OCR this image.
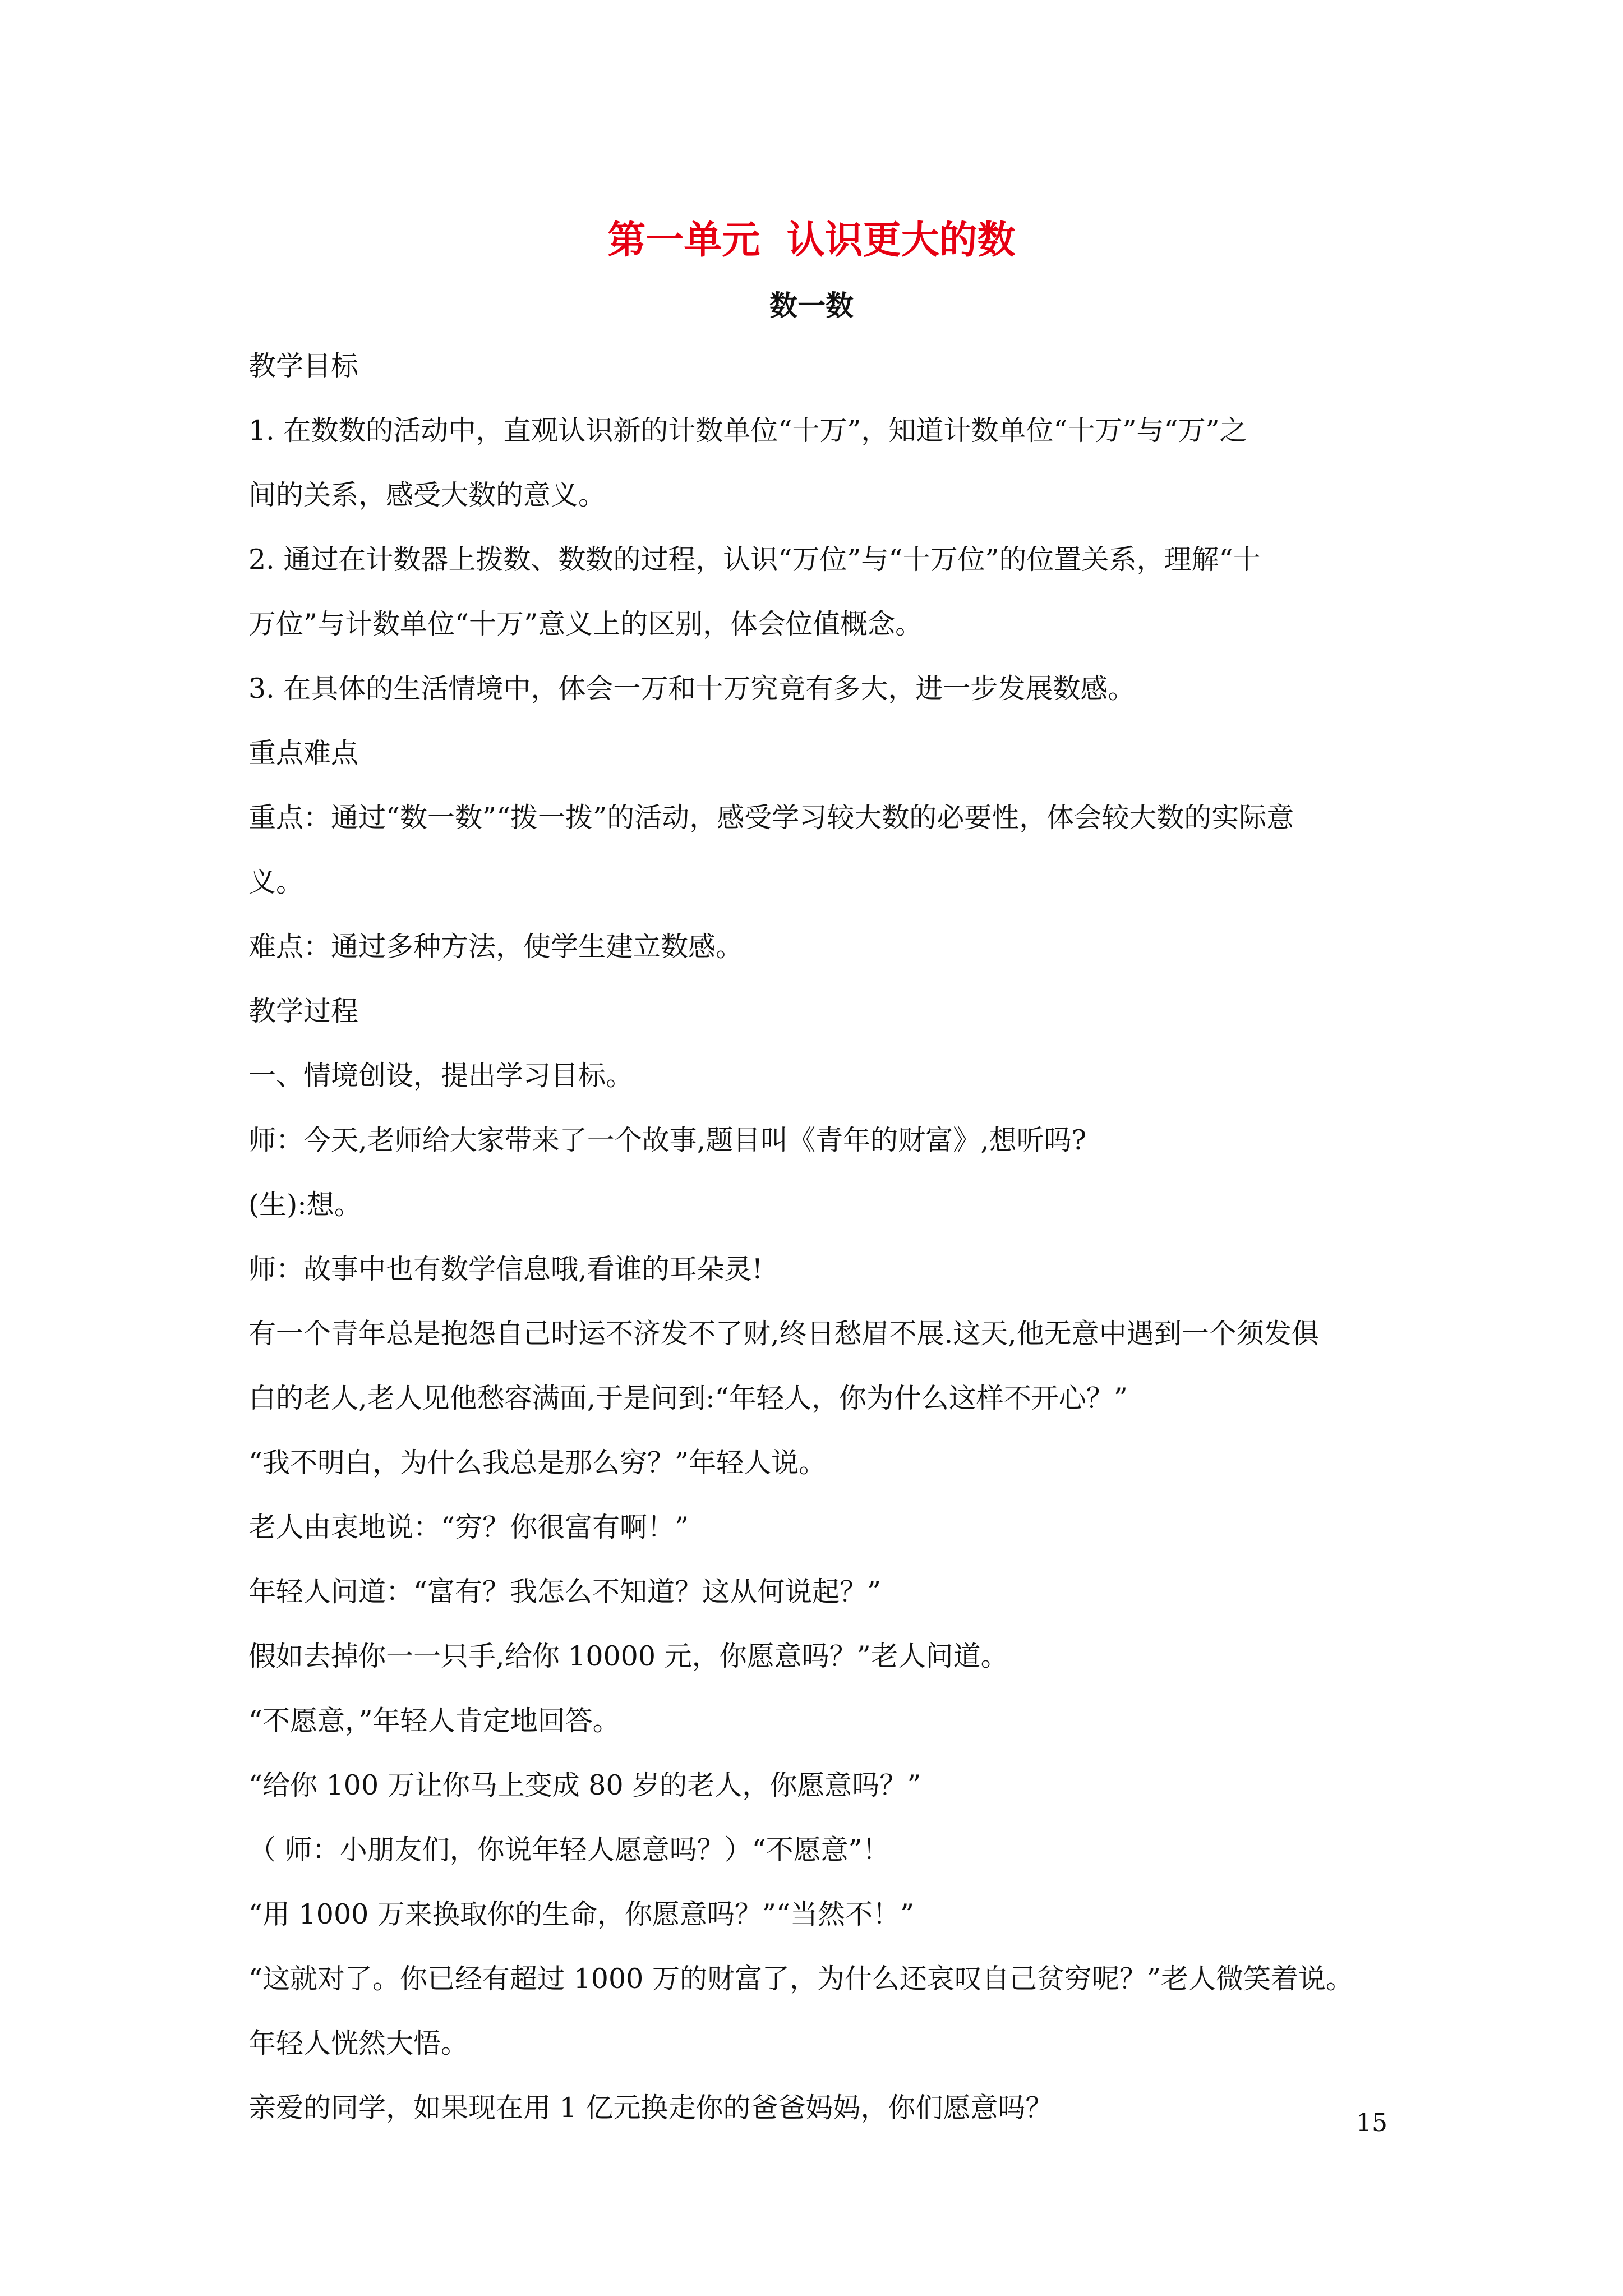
第一单元  认识更大的数
数一数
教学目标
1. 在数数的活动中，直观认识新的计数单位“十万”，知道计数单位“十万”与“万”之
间的关系，感受大数的意义。
2. 通过在计数器上拨数、数数的过程，认识“万位”与“十万位”的位置关系，理解“十
万位”与计数单位“十万”意义上的区别，体会位值概念。
3. 在具体的生活情境中，体会一万和十万究竟有多大，进一步发展数感。
重点难点
重点：通过“数一数”“拨一拨”的活动，感受学习较大数的必要性，体会较大数的实际意
义。
难点：通过多种方法，使学生建立数感。
教学过程
一、情境创设，提出学习目标。
师：今天,老师给大家带来了一个故事,题目叫《青年的财富》,想听吗?
(生):想。
师：故事中也有数学信息哦,看谁的耳朵灵!
有一个青年总是抱怨自己时运不济发不了财,终日愁眉不展.这天,他无意中遇到一个须发俱
白的老人,老人见他愁容满面,于是问到:“年轻人，你为什么这样不开心？”
“我不明白，为什么我总是那么穷？”年轻人说。
老人由衷地说：“穷？你很富有啊！”
年轻人问道：“富有？我怎么不知道？这从何说起？”
假如去掉你一一只手,给你 10000 元，你愿意吗？”老人问道。
“不愿意，”年轻人肯定地回答。
“给你 100 万让你马上变成 80 岁的老人，你愿意吗？”
（ 师：小朋友们，你说年轻人愿意吗？）“不愿意”！
“用 1000 万来换取你的生命，你愿意吗？”“当然不！”
“这就对了。你已经有超过 1000 万的财富了，为什么还哀叹自己贫穷呢？”老人微笑着说。
年轻人恍然大悟。
亲爱的同学，如果现在用 1 亿元换走你的爸爸妈妈，你们愿意吗？	15
